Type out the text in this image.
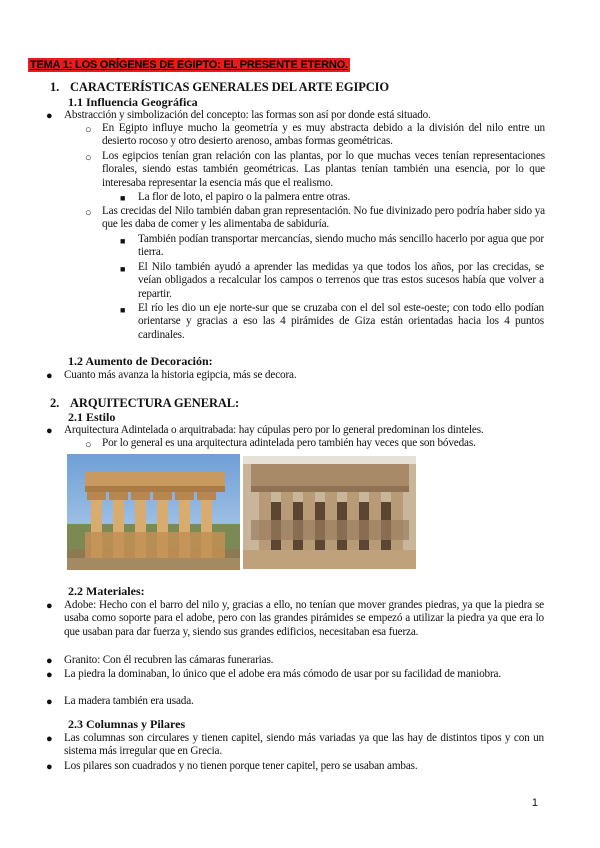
TEMA 1: LOS ORÍGENES DE EGIPTO: EL PRESENTE ETERNO.
1. CARACTERÍSTICAS GENERALES DEL ARTE EGIPCIO
1.1 Influencia Geográfica
●
Abstracción y simbolización del concepto: las formas son así por donde está situado.
○
En Egipto influye mucho la geometría y es muy abstracta debido a la división del nilo entre un desierto rocoso y otro desierto arenoso, ambas formas geométricas.
○
Los egipcios tenían gran relación con las plantas, por lo que muchas veces tenían representaciones florales, siendo estas también geométricas. Las plantas tenían también una esencia, por lo que interesaba representar la esencia más que el realismo.
■
La flor de loto, el papiro o la palmera entre otras.
○
Las crecidas del Nilo también daban gran representación. No fue divinizado pero podría haber sido ya que les daba de comer y les alimentaba de sabiduría.
■
También podían transportar mercancías, siendo mucho más sencillo hacerlo por agua que por tierra.
■
El Nilo también ayudó a aprender las medidas ya que todos los años, por las crecidas, se veían obligados a recalcular los campos o terrenos que tras estos sucesos había que volver a repartir.
■
El río les dio un eje norte-sur que se cruzaba con el del sol este-oeste; con todo ello podían orientarse y gracias a eso las 4 pirámides de Giza están orientadas hacia los 4 puntos cardinales.
1.2 Aumento de Decoración:
●
Cuanto más avanza la historia egipcia, más se decora.
2. ARQUITECTURA GENERAL:
2.1 Estilo
●
Arquitectura Adintelada o arquitrabada: hay cúpulas pero por lo general predominan los dinteles.
○
Por lo general es una arquitectura adintelada pero también hay veces que son bóvedas.
2.2 Materiales:
●
Adobe: Hecho con el barro del nilo y, gracias a ello, no tenían que mover grandes piedras, ya que la piedra se usaba como soporte para el adobe, pero con las grandes pirámides se empezó a utilizar la piedra ya que era lo que usaban para dar fuerza y, siendo sus grandes edificios, necesitaban esa fuerza.
●
Granito: Con él recubren las cámaras funerarias.
●
La piedra la dominaban, lo único que el adobe era más cómodo de usar por su facilidad de maniobra.
●
La madera también era usada.
2.3 Columnas y Pilares
●
Las columnas son circulares y tienen capitel, siendo más variadas ya que las hay de distintos tipos y con un sistema más irregular que en Grecia.
●
Los pilares son cuadrados y no tienen porque tener capitel, pero se usaban ambas.
1
